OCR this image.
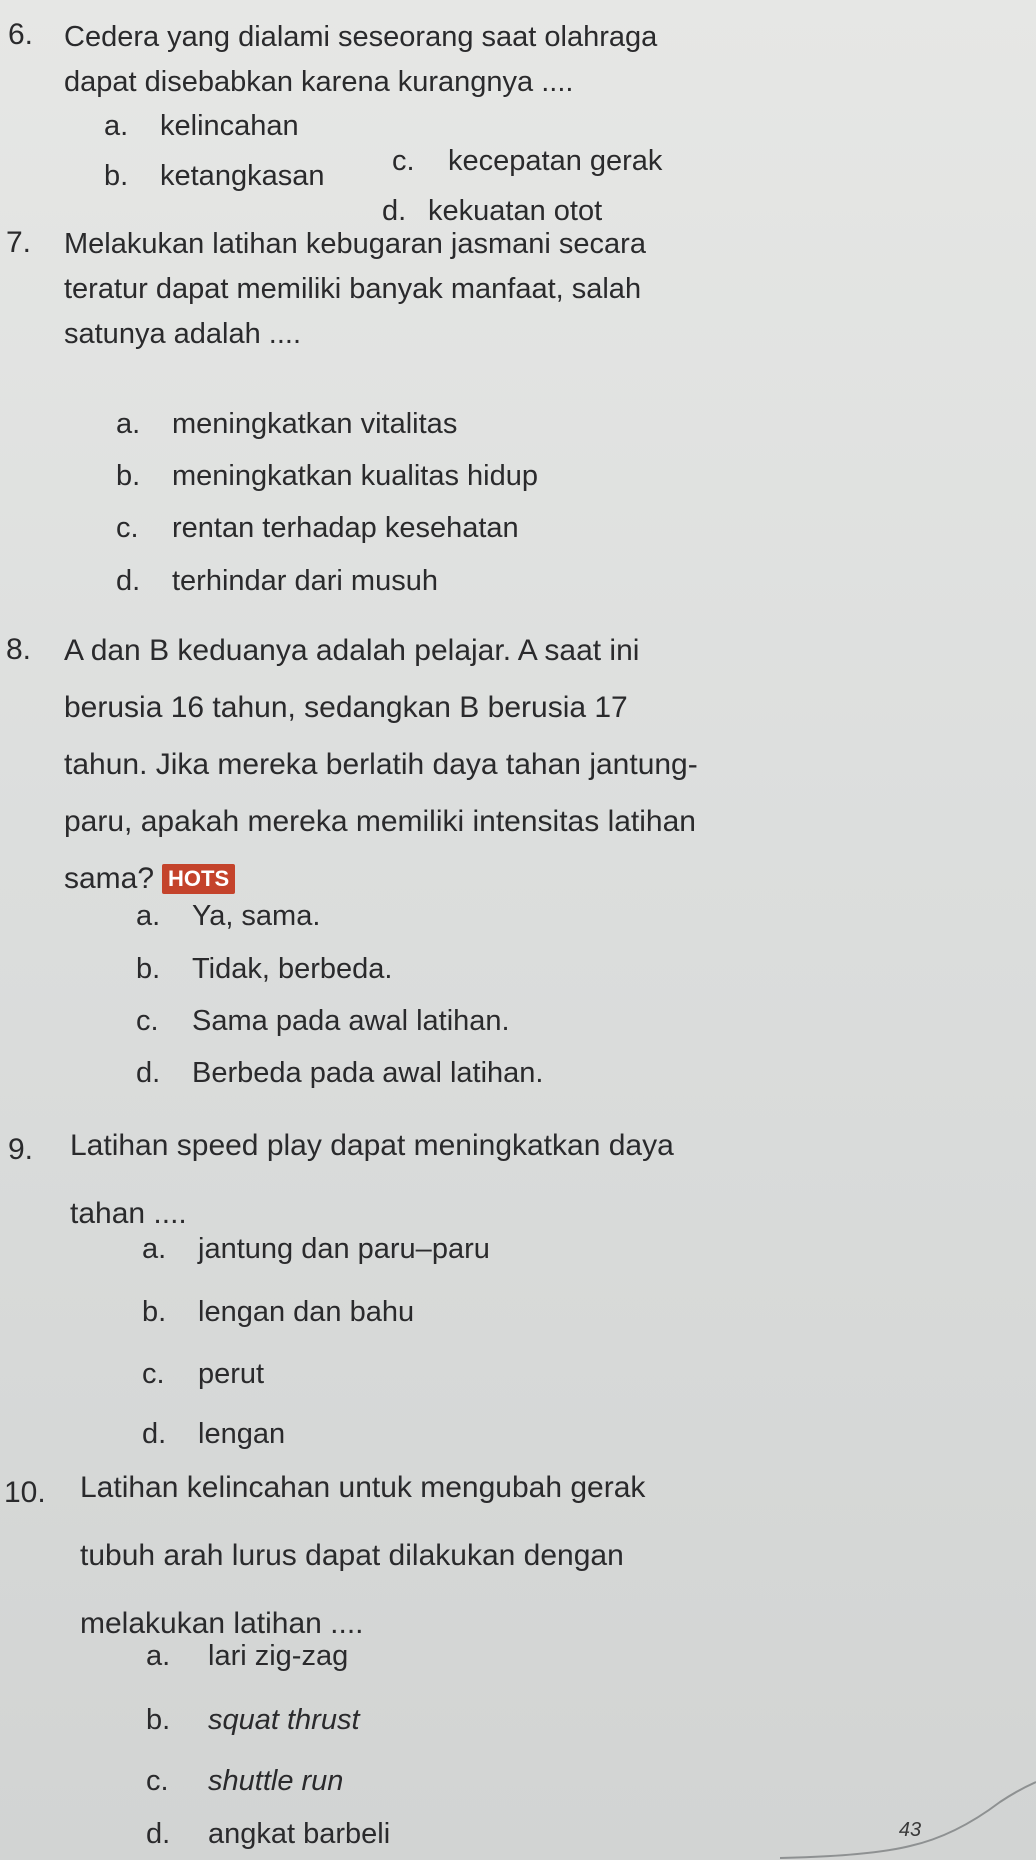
6. Cedera yang dialami seseorang saat olahraga
dapat disebabkan karena kurangnya ....
a. kelincahan
c. kecepatan gerak
b. ketangkasan
d. kekuatan otot
7. Melakukan latihan kebugaran jasmani secara
teratur dapat memiliki banyak manfaat, salah
satunya adalah ....
a. meningkatkan vitalitas
b. meningkatkan kualitas hidup
c. rentan terhadap kesehatan
d. terhindar dari musuh
8. A dan B keduanya adalah pelajar. A saat ini
berusia 16 tahun, sedangkan B berusia 17
tahun. Jika mereka berlatih daya tahan jantung-
paru, apakah mereka memiliki intensitas latihan
sama? HOTS
a. Ya, sama.
b. Tidak, berbeda.
c. Sama pada awal latihan.
d. Berbeda pada awal latihan.
9. Latihan speed play dapat meningkatkan daya
tahan ....
a. jantung dan paru–paru
b. lengan dan bahu
c. perut
d. lengan
10. Latihan kelincahan untuk mengubah gerak
tubuh arah lurus dapat dilakukan dengan
melakukan latihan ....
a. lari zig-zag
b. squat thrust
c. shuttle run
d. angkat barbeli	43
